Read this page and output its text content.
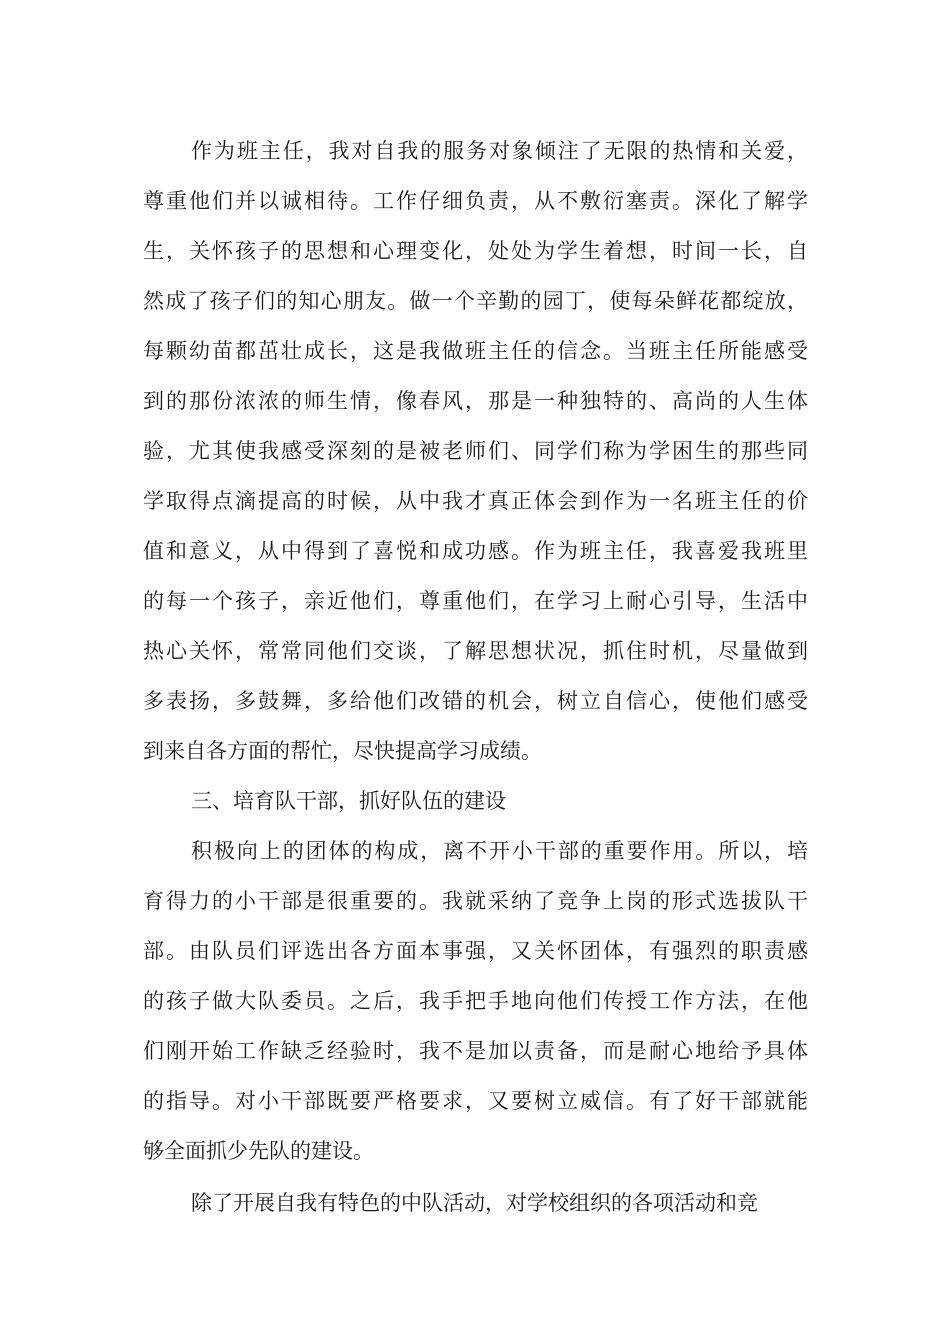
作为班主任，我对自我的服务对象倾注了无限的热情和关爱，
尊重他们并以诚相待。工作仔细负责，从不敷衍塞责。深化了解学
生，关怀孩子的思想和心理变化，处处为学生着想，时间一长，自
然成了孩子们的知心朋友。做一个辛勤的园丁，使每朵鲜花都绽放，
每颗幼苗都茁壮成长，这是我做班主任的信念。当班主任所能感受
到的那份浓浓的师生情，像春风，那是一种独特的、高尚的人生体
验，尤其使我感受深刻的是被老师们、同学们称为学困生的那些同
学取得点滴提高的时候，从中我才真正体会到作为一名班主任的价
值和意义，从中得到了喜悦和成功感。作为班主任，我喜爱我班里
的每一个孩子，亲近他们，尊重他们，在学习上耐心引导，生活中
热心关怀，常常同他们交谈，了解思想状况，抓住时机，尽量做到
多表扬，多鼓舞，多给他们改错的机会，树立自信心，使他们感受
到来自各方面的帮忙，尽快提高学习成绩。
三、培育队干部，抓好队伍的建设
积极向上的团体的构成，离不开小干部的重要作用。所以，培
育得力的小干部是很重要的。我就采纳了竞争上岗的形式选拔队干
部。由队员们评选出各方面本事强，又关怀团体，有强烈的职责感
的孩子做大队委员。之后，我手把手地向他们传授工作方法，在他
们刚开始工作缺乏经验时，我不是加以责备，而是耐心地给予具体
的指导。对小干部既要严格要求，又要树立威信。有了好干部就能
够全面抓少先队的建设。
除了开展自我有特色的中队活动，对学校组织的各项活动和竞
